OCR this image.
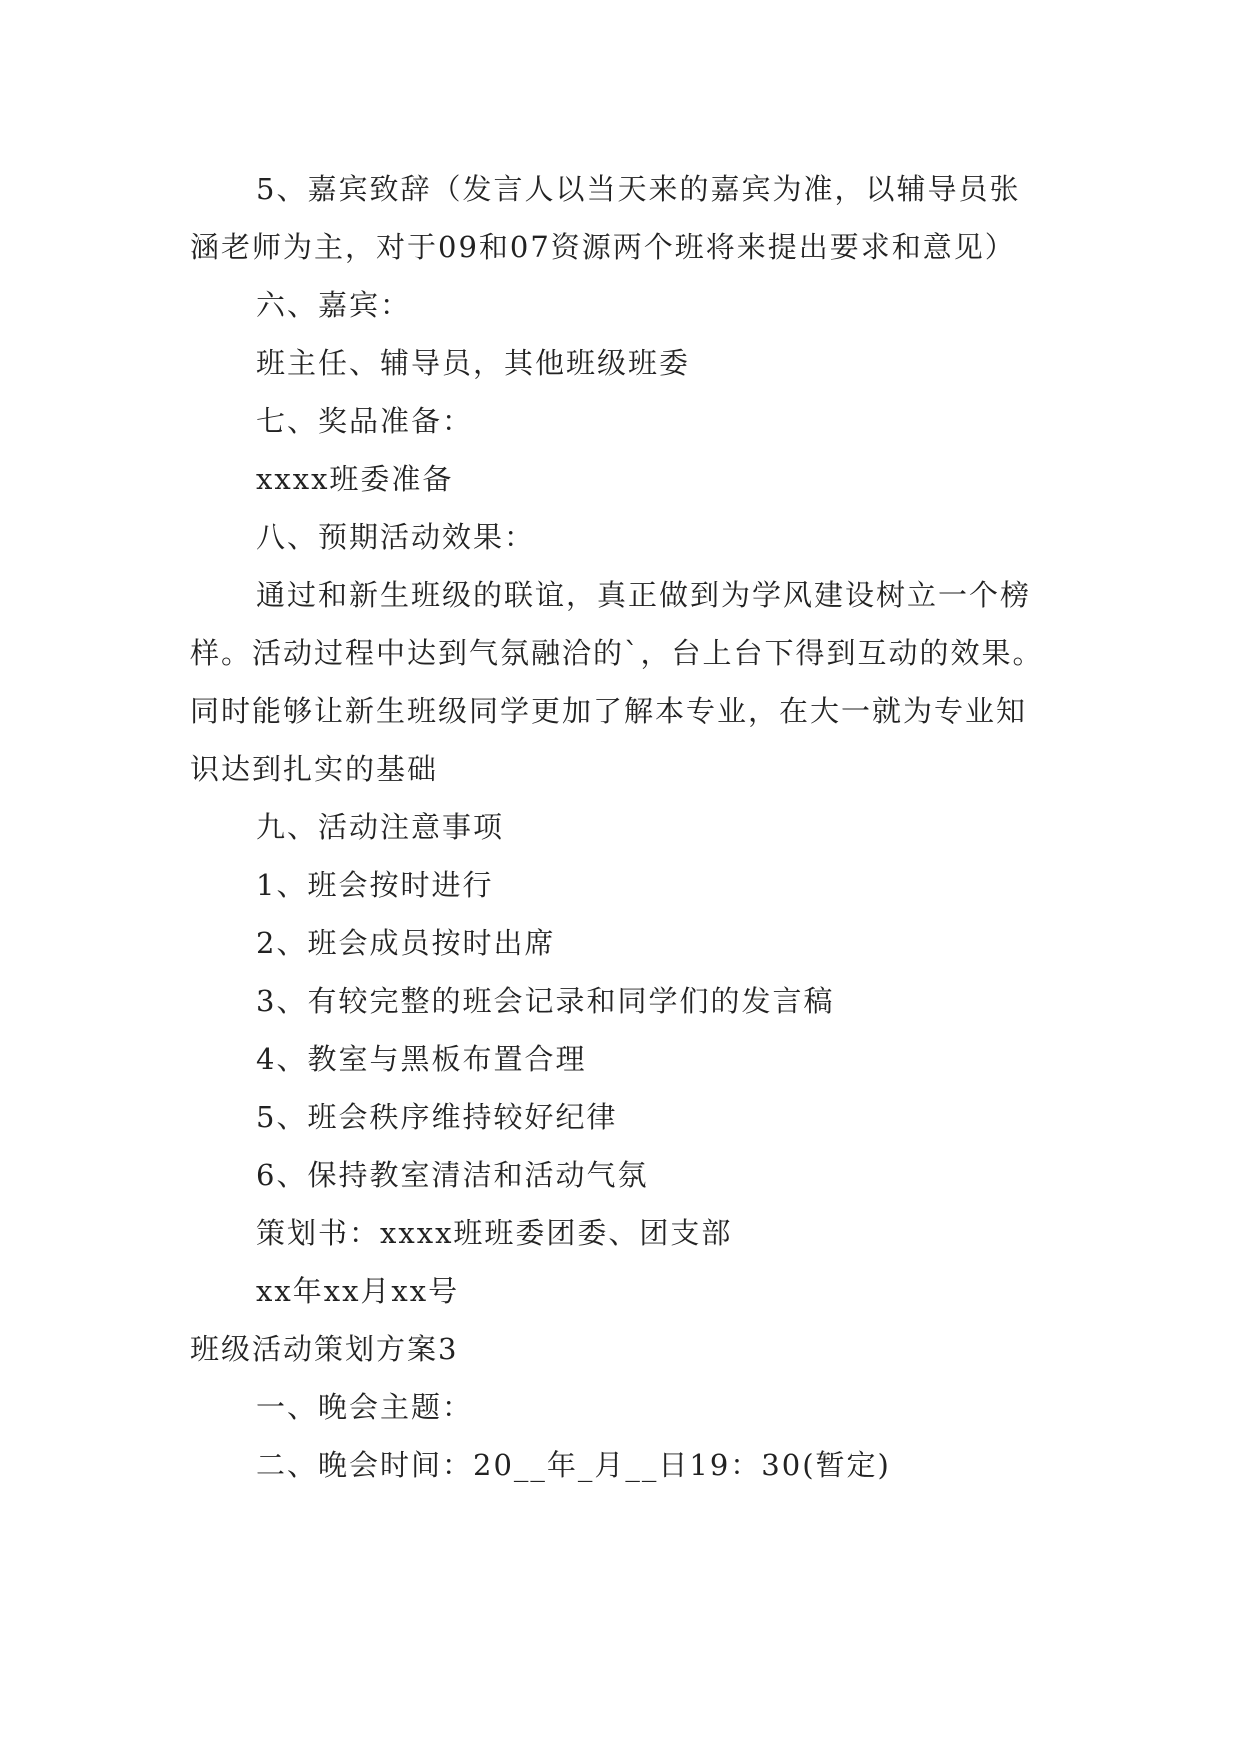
5、嘉宾致辞（发言人以当天来的嘉宾为准，以辅导员张涵老师为主，对于09和07资源两个班将来提出要求和意见）

六、嘉宾：

班主任、辅导员，其他班级班委

七、奖品准备：

xxxx班委准备

八、预期活动效果：

通过和新生班级的联谊，真正做到为学风建设树立一个榜样。活动过程中达到气氛融洽的`，台上台下得到互动的效果。同时能够让新生班级同学更加了解本专业，在大一就为专业知识达到扎实的基础

九、活动注意事项

1、班会按时进行

2、班会成员按时出席

3、有较完整的班会记录和同学们的发言稿

4、教室与黑板布置合理

5、班会秩序维持较好纪律

6、保持教室清洁和活动气氛

策划书：xxxx班班委团委、团支部

xx年xx月xx号

班级活动策划方案3

一、晚会主题：

二、晚会时间：20__年_月__日19：30(暂定)
